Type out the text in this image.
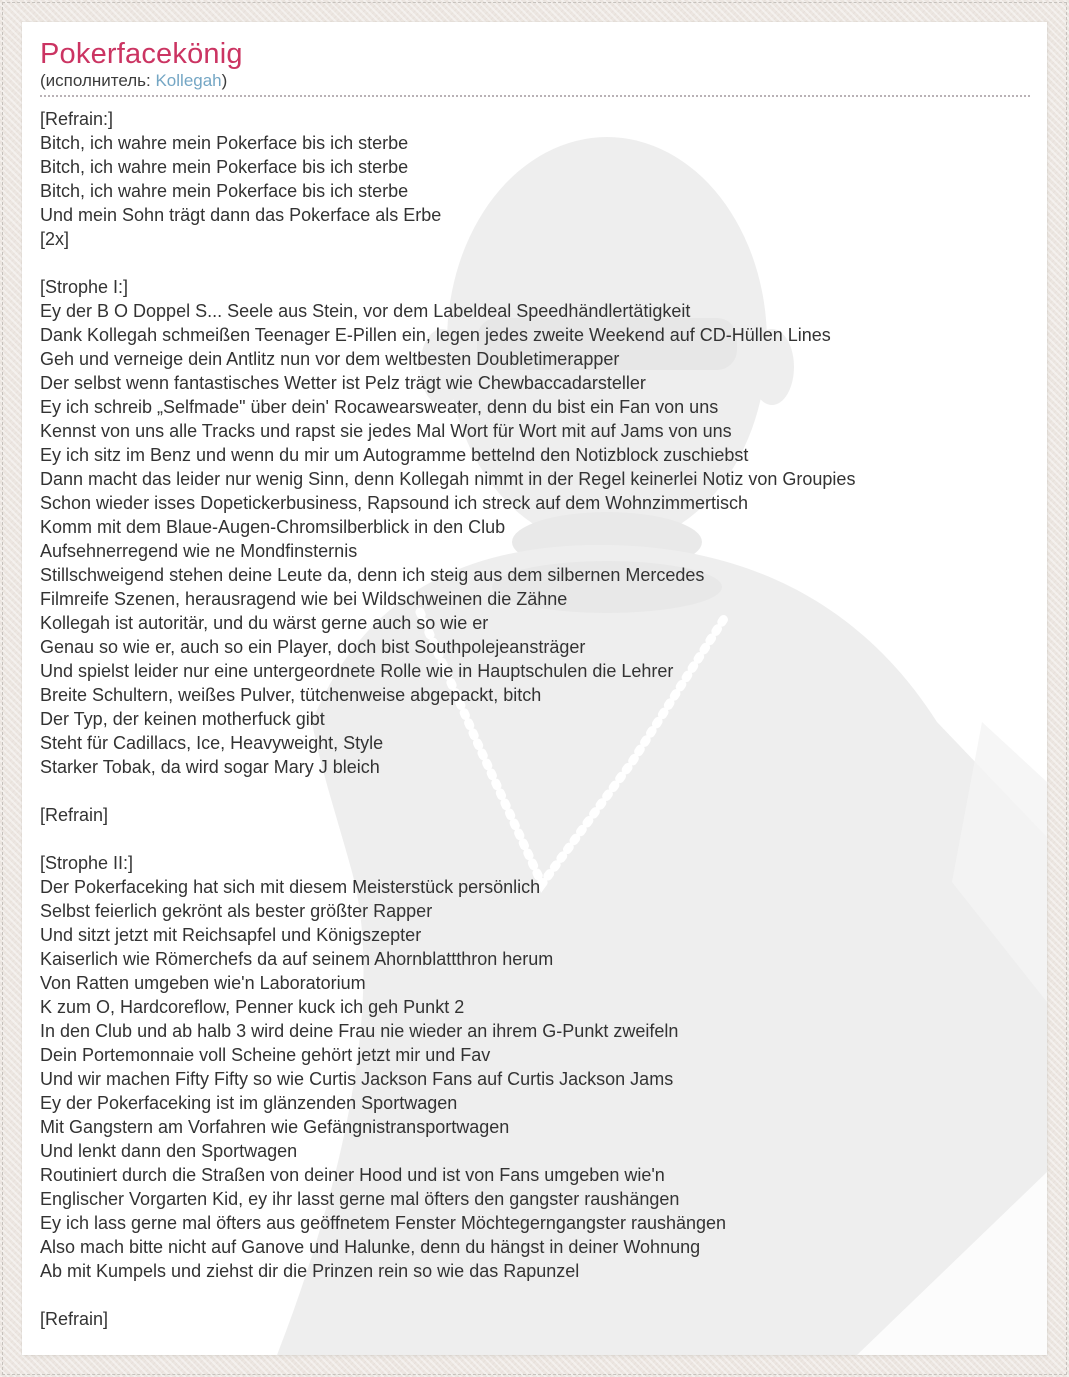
Pokerfacekönig
(исполнитель: Kollegah)
[Refrain:]
Bitch, ich wahre mein Pokerface bis ich sterbe
Bitch, ich wahre mein Pokerface bis ich sterbe
Bitch, ich wahre mein Pokerface bis ich sterbe
Und mein Sohn trägt dann das Pokerface als Erbe
[2x]

[Strophe I:]
Ey der B O Doppel S... Seele aus Stein, vor dem Labeldeal Speedhändlertätigkeit
Dank Kollegah schmeißen Teenager E-Pillen ein, legen jedes zweite Weekend auf CD-Hüllen Lines
Geh und verneige dein Antlitz nun vor dem weltbesten Doubletimerapper
Der selbst wenn fantastisches Wetter ist Pelz trägt wie Chewbaccadarsteller
Ey ich schreib „Selfmade" über dein' Rocawearsweater, denn du bist ein Fan von uns
Kennst von uns alle Tracks und rapst sie jedes Mal Wort für Wort mit auf Jams von uns
Ey ich sitz im Benz und wenn du mir um Autogramme bettelnd den Notizblock zuschiebst
Dann macht das leider nur wenig Sinn, denn Kollegah nimmt in der Regel keinerlei Notiz von Groupies
Schon wieder isses Dopetickerbusiness, Rapsound ich streck auf dem Wohnzimmertisch
Komm mit dem Blaue-Augen-Chromsilberblick in den Club
Aufsehnerregend wie ne Mondfinsternis
Stillschweigend stehen deine Leute da, denn ich steig aus dem silbernen Mercedes
Filmreife Szenen, herausragend wie bei Wildschweinen die Zähne
Kollegah ist autoritär, und du wärst gerne auch so wie er
Genau so wie er, auch so ein Player, doch bist Southpolejeansträger
Und spielst leider nur eine untergeordnete Rolle wie in Hauptschulen die Lehrer
Breite Schultern, weißes Pulver, tütchenweise abgepackt, bitch
Der Typ, der keinen motherfuck gibt
Steht für Cadillacs, Ice, Heavyweight, Style
Starker Tobak, da wird sogar Mary J bleich

[Refrain]

[Strophe II:]
Der Pokerfaceking hat sich mit diesem Meisterstück persönlich
Selbst feierlich gekrönt als bester größter Rapper
Und sitzt jetzt mit Reichsapfel und Königszepter
Kaiserlich wie Römerchefs da auf seinem Ahornblattthron herum
Von Ratten umgeben wie'n Laboratorium
K zum O, Hardcoreflow, Penner kuck ich geh Punkt 2
In den Club und ab halb 3 wird deine Frau nie wieder an ihrem G-Punkt zweifeln
Dein Portemonnaie voll Scheine gehört jetzt mir und Fav
Und wir machen Fifty Fifty so wie Curtis Jackson Fans auf Curtis Jackson Jams
Ey der Pokerfaceking ist im glänzenden Sportwagen
Mit Gangstern am Vorfahren wie Gefängnistransportwagen
Und lenkt dann den Sportwagen
Routiniert durch die Straßen von deiner Hood und ist von Fans umgeben wie'n
Englischer Vorgarten Kid, ey ihr lasst gerne mal öfters den gangster raushängen
Ey ich lass gerne mal öfters aus geöffnetem Fenster Möchtegerngangster raushängen
Also mach bitte nicht auf Ganove und Halunke, denn du hängst in deiner Wohnung
Ab mit Kumpels und ziehst dir die Prinzen rein so wie das Rapunzel

[Refrain]
